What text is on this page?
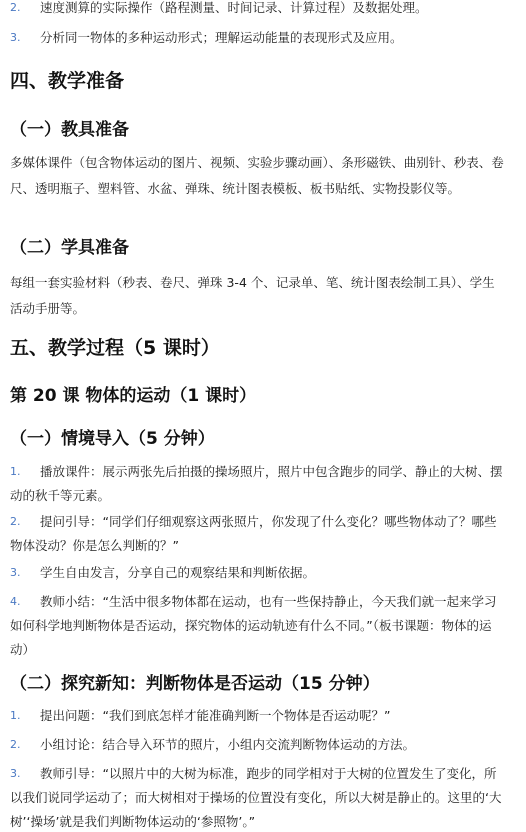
2.	速度测算的实际操作（路程测量、时间记录、计算过程）及数据处理。
3.	分析同一物体的多种运动形式；理解运动能量的表现形式及应用。
四、教学准备
（一）教具准备
多媒体课件（包含物体运动的图片、视频、实验步骤动画）、条形磁铁、曲别针、秒表、卷尺、透明瓶子、塑料管、水盆、弹珠、统计图表模板、板书贴纸、实物投影仪等。
（二）学具准备
每组一套实验材料（秒表、卷尺、弹珠 3-4 个、记录单、笔、统计图表绘制工具）、学生活动手册等。
五、教学过程（5 课时）
第 20 课 物体的运动（1 课时）
（一）情境导入（5 分钟）
1.	播放课件：展示两张先后拍摄的操场照片，照片中包含跑步的同学、静止的大树、摆动的秋千等元素。
2.	提问引导：“同学们仔细观察这两张照片，你发现了什么变化？哪些物体动了？哪些物体没动？你是怎么判断的？”
3.	学生自由发言，分享自己的观察结果和判断依据。
4.	教师小结：“生活中很多物体都在运动，也有一些保持静止，今天我们就一起来学习如何科学地判断物体是否运动，探究物体的运动轨迹有什么不同。”（板书课题：物体的运动）
（二）探究新知：判断物体是否运动（15 分钟）
1.	提出问题：“我们到底怎样才能准确判断一个物体是否运动呢？”
2.	小组讨论：结合导入环节的照片，小组内交流判断物体运动的方法。
3.	教师引导：“以照片中的大树为标准，跑步的同学相对于大树的位置发生了变化，所以我们说同学运动了；而大树相对于操场的位置没有变化，所以大树是静止的。这里的‘大树’‘操场’就是我们判断物体运动的‘参照物’。”
